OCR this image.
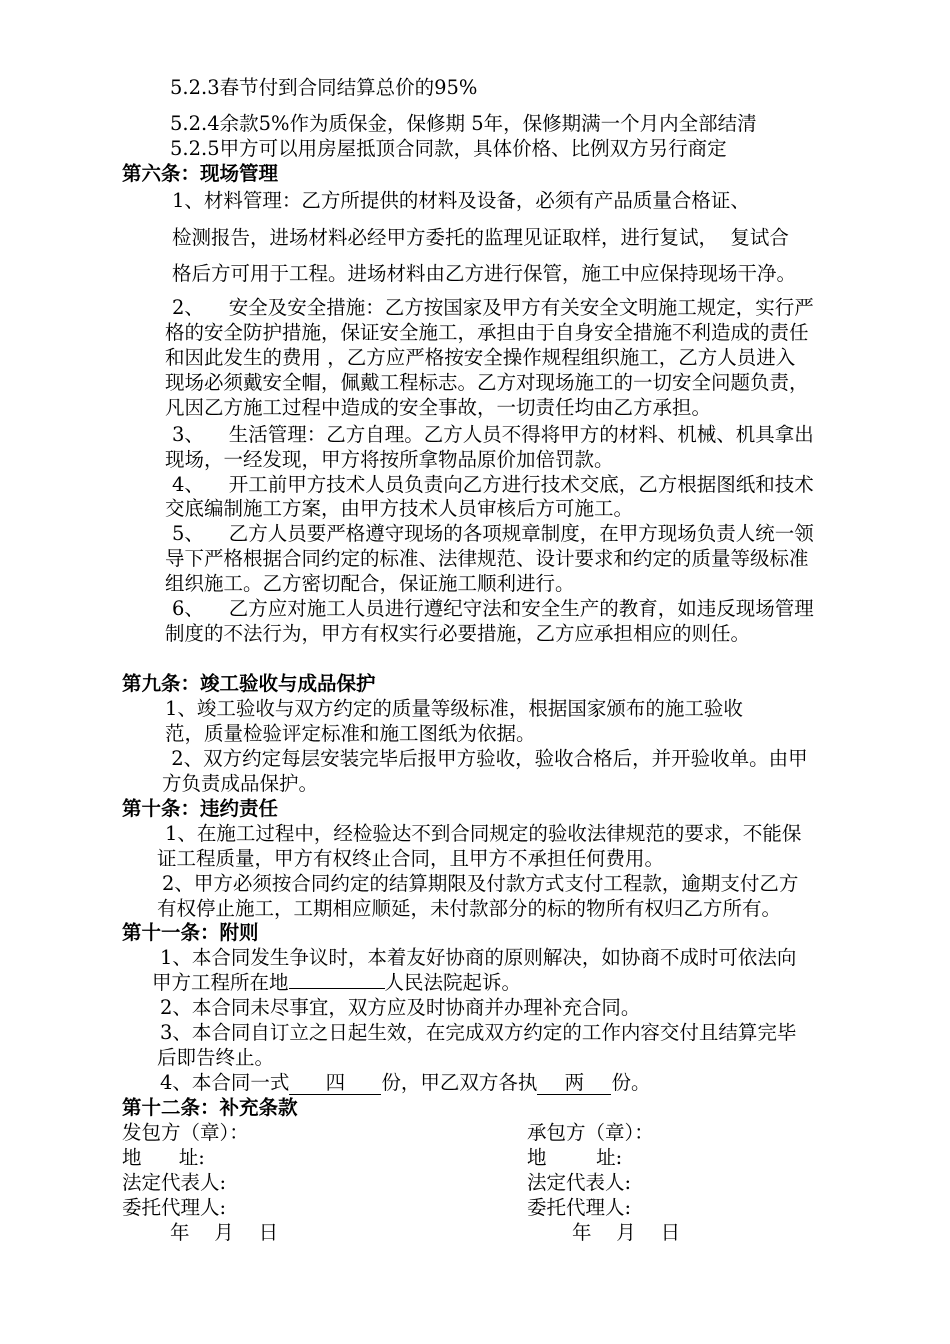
5.2.3春节付到合同结算总价的95%
5.2.4余款5%作为质保金，保修期 5年，保修期满一个月内全部结清
5.2.5甲方可以用房屋抵顶合同款，具体价格、比例双方另行商定
第六条：现场管理
1、材料管理：乙方所提供的材料及设备，必须有产品质量合格证、
检测报告，进场材料必经甲方委托的监理见证取样，进行复试，  复试合
格后方可用于工程。进场材料由乙方进行保管，施工中应保持现场干净。
2、    安全及安全措施：乙方按国家及甲方有关安全文明施工规定，实行严
格的安全防护措施，保证安全施工，承担由于自身安全措施不利造成的责任
和因此发生的费用 ，乙方应严格按安全操作规程组织施工，乙方人员进入
现场必须戴安全帽，佩戴工程标志。乙方对现场施工的一切安全问题负责，
凡因乙方施工过程中造成的安全事故，一切责任均由乙方承担。
3、    生活管理：乙方自理。乙方人员不得将甲方的材料、机械、机具拿出
现场，一经发现，甲方将按所拿物品原价加倍罚款。
4、    开工前甲方技术人员负责向乙方进行技术交底，乙方根据图纸和技术
交底编制施工方案，由甲方技术人员审核后方可施工。
5、    乙方人员要严格遵守现场的各项规章制度，在甲方现场负责人统一领
导下严格根据合同约定的标准、法律规范、设计要求和约定的质量等级标准
组织施工。乙方密切配合，保证施工顺利进行。
6、    乙方应对施工人员进行遵纪守法和安全生产的教育，如违反现场管理
制度的不法行为，甲方有权实行必要措施，乙方应承担相应的则任。
第九条：竣工验收与成品保护
1、竣工验收与双方约定的质量等级标准，根据国家颁布的施工验收
范，质量检验评定标准和施工图纸为依据。
2、双方约定每层安装完毕后报甲方验收，验收合格后，并开验收单。由甲
方负责成品保护。
第十条：违约责任
1、在施工过程中，经检验达不到合同规定的验收法律规范的要求，不能保
证工程质量，甲方有权终止合同，且甲方不承担任何费用。
2、甲方必须按合同约定的结算期限及付款方式支付工程款，逾期支付乙方
有权停止施工，工期相应顺延，未付款部分的标的物所有权归乙方所有。
第十一条：附则
1、本合同发生争议时，本着友好协商的原则解决，如协商不成时可依法向
甲方工程所在地	人民法院起诉。
2、本合同未尽事宜，双方应及时协商并办理补充合同。
3、本合同自订立之日起生效，在完成双方约定的工作内容交付且结算完毕
后即告终止。
4、本合同一式 四 份，甲乙双方各执 两 份。
第十二条：补充条款
发包方（章）：
地      址:
法定代表人:
委托代理人:
年    月    日
承包方（章）：
地        址:
法定代表人:
委托代理人:
年    月    日
